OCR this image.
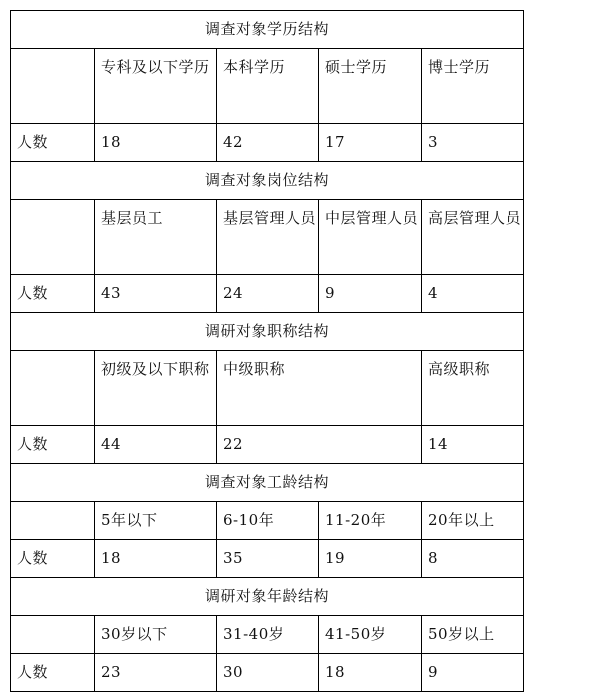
调查对象学历结构				
	专科及以下学历	本科学历	硕士学历	博士学历
人数	18	42	17	3
调查对象岗位结构				
	基层员工	基层管理人员	中层管理人员	高层管理人员
人数	43	24	9	4
调研对象职称结构				
	初级及以下职称	中级职称		高级职称
人数	44	22		14
调查对象工龄结构				
	5年以下	6-10年	11-20年	20年以上
人数	18	35	19	8
调研对象年龄结构				
	30岁以下	31-40岁	41-50岁	50岁以上
人数	23	30	18	9
